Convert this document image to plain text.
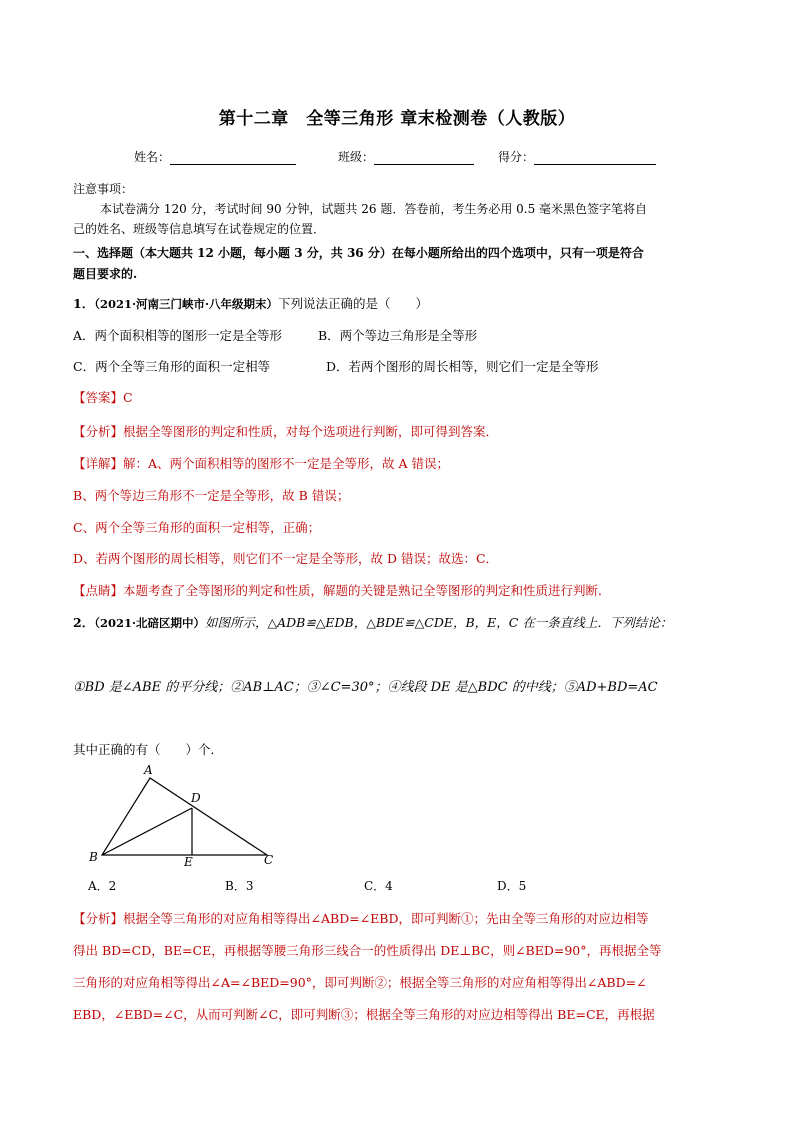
第十二章　全等三角形 章末检测卷（人教版）
姓名：	班级：	得分：
注意事项：
本试卷满分 120 分，考试时间 90 分钟，试题共 26 题．答卷前，考生务必用 0.5 毫米黑色签字笔将自
己的姓名、班级等信息填写在试卷规定的位置．
一、选择题（本大题共 12 小题，每小题 3 分，共 36 分）在每小题所给出的四个选项中，只有一项是符合
题目要求的.
1．（2021·河南三门峡市·八年级期末）下列说法正确的是（　　）
A．两个面积相等的图形一定是全等形	B．两个等边三角形是全等形
C．两个全等三角形的面积一定相等	D．若两个图形的周长相等，则它们一定是全等形
【答案】C
【分析】根据全等图形的判定和性质，对每个选项进行判断，即可得到答案．
【详解】解：A、两个面积相等的图形不一定是全等形，故 A 错误；
B、两个等边三角形不一定是全等形，故 B 错误；
C、两个全等三角形的面积一定相等，正确；
D、若两个图形的周长相等，则它们不一定是全等形，故 D 错误；故选：C．
【点睛】本题考查了全等图形的判定和性质，解题的关键是熟记全等图形的判定和性质进行判断．
2．（2021·北碚区期中）如图所示，△ADB≌△EDB，△BDE≌△CDE，B，E，C 在一条直线上．下列结论：
①BD 是∠ABE 的平分线；②AB⊥AC；③∠C=30°；④线段 DE 是△BDC 的中线；⑤AD+BD=AC
其中正确的有（　　）个．
A
B	C
D
E
A．2	B．3	C．4	D．5
【分析】根据全等三角形的对应角相等得出∠ABD=∠EBD，即可判断①；先由全等三角形的对应边相等
得出 BD=CD，BE=CE，再根据等腰三角形三线合一的性质得出 DE⊥BC，则∠BED=90°，再根据全等
三角形的对应角相等得出∠A=∠BED=90°，即可判断②；根据全等三角形的对应角相等得出∠ABD=∠
EBD，∠EBD=∠C，从而可判断∠C，即可判断③；根据全等三角形的对应边相等得出 BE=CE，再根据
